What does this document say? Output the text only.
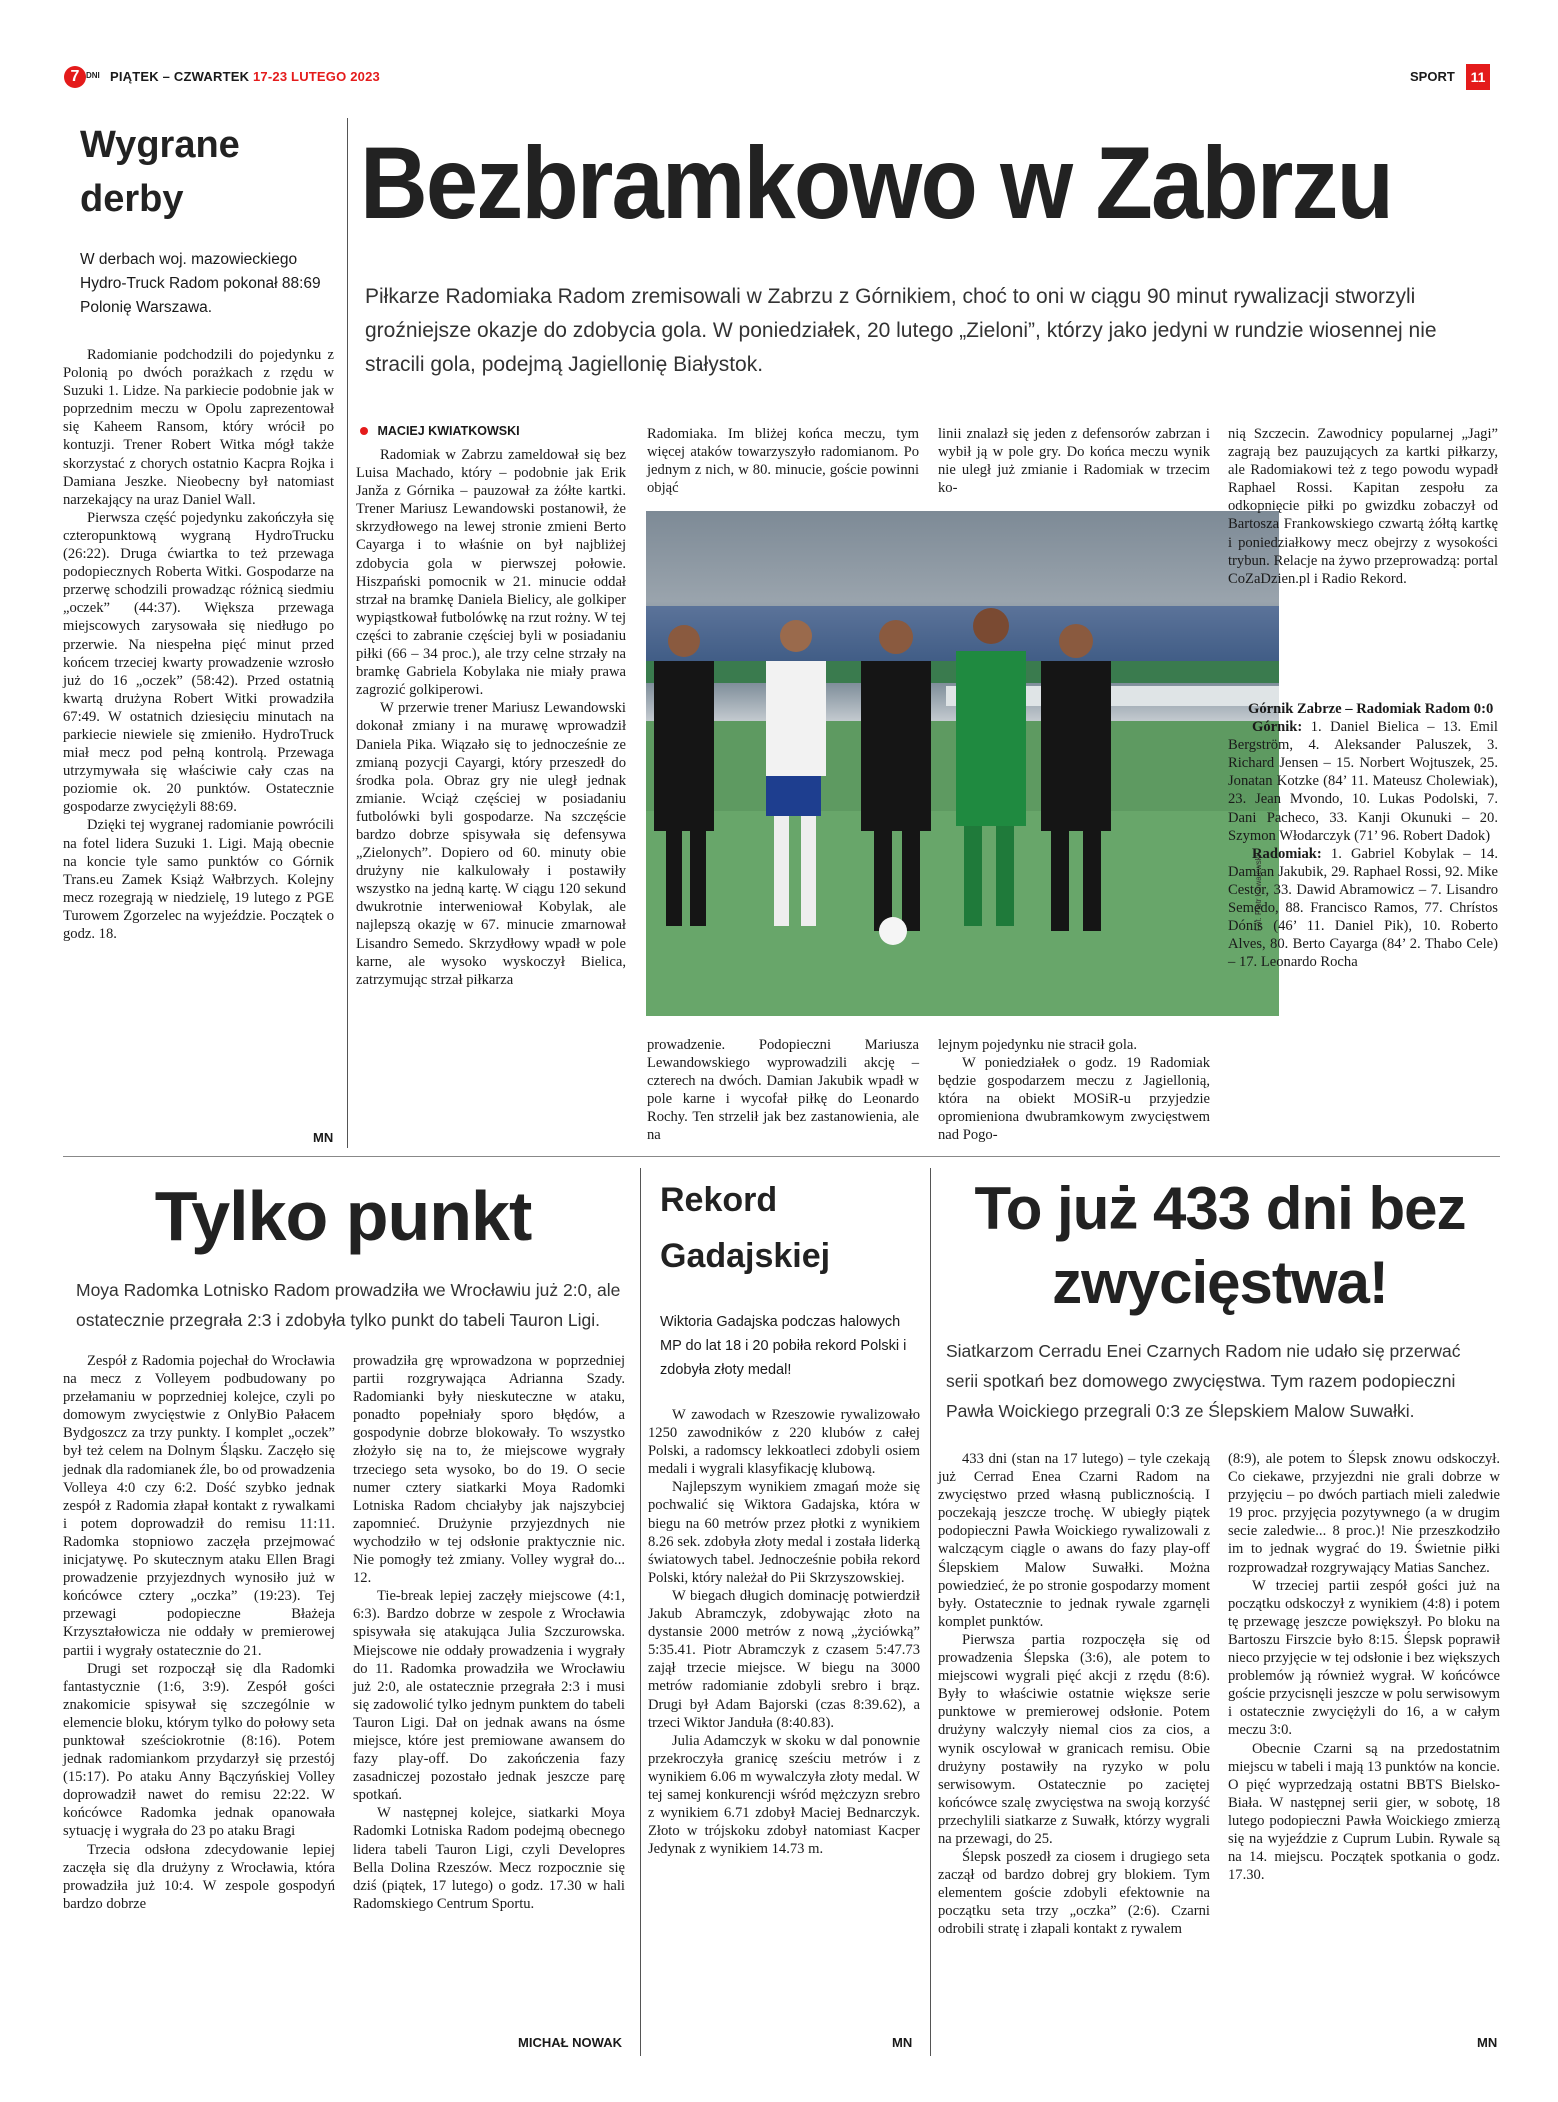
7 DNI PIĄTEK – CZWARTEK 17-23 LUTEGO 2023	SPORT	11
Wygrane derby
W derbach woj. mazowieckiego Hydro-Truck Radom pokonał 88:69 Polonię Warszawa.

Radomianie podchodzili do pojedynku z Polonią po dwóch porażkach z rzędu w Suzuki 1. Lidze. Na parkiecie podobnie jak w poprzednim meczu w Opolu zaprezentował się Kaheem Ransom, który wrócił po kontuzji. Trener Robert Witka mógł także skorzystać z chorych ostatnio Kacpra Rojka i Damiana Jeszke. Nieobecny był natomiast narzekający na uraz Daniel Wall.

Pierwsza część pojedynku zakończyła się czteropunktową wygraną HydroTrucku (26:22). Druga ćwiartka to też przewaga podopiecznych Roberta Witki. Gospodarze na przerwę schodzili prowadząc różnicą siedmiu „oczek” (44:37). Większa przewaga miejscowych zarysowała się niedługo po przerwie. Na niespełna pięć minut przed końcem trzeciej kwarty prowadzenie wzrosło już do 16 „oczek” (58:42). Przed ostatnią kwartą drużyna Robert Witki prowadziła 67:49. W ostatnich dziesięciu minutach na parkiecie niewiele się zmieniło. HydroTruck miał mecz pod pełną kontrolą. Przewaga utrzymywała się właściwie cały czas na poziomie ok. 20 punktów. Ostatecznie gospodarze zwyciężyli 88:69.

Dzięki tej wygranej radomianie powrócili na fotel lidera Suzuki 1. Ligi. Mają obecnie na koncie tyle samo punktów co Górnik Trans.eu Zamek Książ Wałbrzych. Kolejny mecz rozegrają w niedzielę, 19 lutego z PGE Turowem Zgorzelec na wyjeździe. Początek o godz. 18.

MN
Bezbramkowo w Zabrzu
Piłkarze Radomiaka Radom zremisowali w Zabrzu z Górnikiem, choć to oni w ciągu 90 minut rywalizacji stworzyli groźniejsze okazje do zdobycia gola. W poniedziałek, 20 lutego „Zieloni”, którzy jako jedyni w rundzie wiosennej nie stracili gola, podejmą Jagiellonię Białystok.
MACIEJ KWIATKOWSKI

Radomiak w Zabrzu zameldował się bez Luisa Machado, który – podobnie jak Erik Janža z Górnika – pauzował za żółte kartki. Trener Mariusz Lewandowski postanowił, że skrzydłowego na lewej stronie zmieni Berto Cayarga i to właśnie on był najbliżej zdobycia gola w pierwszej połowie. Hiszpański pomocnik w 21. minucie oddał strzał na bramkę Daniela Bielicy, ale golkiper wypiąstkował futbolówkę na rzut rożny. W tej części to zabranie częściej byli w posiadaniu piłki (66 – 34 proc.), ale trzy celne strzały na bramkę Gabriela Kobylaka nie miały prawa zagrozić golkiperowi.

W przerwie trener Mariusz Lewandowski dokonał zmiany i na murawę wprowadził Daniela Pika. Wiązało się to jednocześnie ze zmianą pozycji Cayargi, który przeszedł do środka pola. Obraz gry nie uległ jednak zmianie. Wciąż częściej w posiadaniu futbolówki byli gospodarze. Na szczęście bardzo dobrze spisywała się defensywa „Zielonych”. Dopiero od 60. minuty obie drużyny nie kalkulowały i postawiły wszystko na jedną kartę. W ciągu 120 sekund dwukrotnie interweniował Kobylak, ale najlepszą okazję w 67. minucie zmarnował Lisandro Semedo. Skrzydłowy wpadł w pole karne, ale wysoko wyskoczył Bielica, zatrzymując strzał piłkarza

Radomiaka. Im bliżej końca meczu, tym więcej ataków towarzyszyło radomianom. Po jednym z nich, w 80. minucie, goście powinni objąć

linii znalazł się jeden z defensorów zabrzan i wybił ją w pole gry. Do końca meczu wynik nie uległ już zmianie i Radomiak w trzecim ko-

Fot. Piotr Kowalewski

prowadzenie. Podopieczni Mariusza Lewandowskiego wyprowadzili akcję – czterech na dwóch. Damian Jakubik wpadł w pole karne i wycofał piłkę do Leonardo Rochy. Ten strzelił jak bez zastanowienia, ale na

lejnym pojedynku nie stracił gola.

W poniedziałek o godz. 19 Radomiak będzie gospodarzem meczu z Jagiellonią, która na obiekt MOSiR-u przyjedzie opromieniona dwubramkowym zwycięstwem nad Pogo-

nią Szczecin. Zawodnicy popularnej „Jagi” zagrają bez pauzujących za kartki piłkarzy, ale Radomiakowi też z tego powodu wypadł Raphael Rossi. Kapitan zespołu za odkopnięcie piłki po gwizdku zobaczył od Bartosza Frankowskiego czwartą żółtą kartkę i poniedziałkowy mecz obejrzy z wysokości trybun. Relacje na żywo przeprowadzą: portal CoZaDzien.pl i Radio Rekord.

Górnik Zabrze – Radomiak Radom 0:0

Górnik: 1. Daniel Bielica – 13. Emil Bergström, 4. Aleksander Paluszek, 3. Richard Jensen – 15. Norbert Wojtuszek, 25. Jonatan Kotzke (84’ 11. Mateusz Cholewiak), 23. Jean Mvondo, 10. Lukas Podolski, 7. Dani Pacheco, 33. Kanji Okunuki – 20. Szymon Włodarczyk (71’ 96. Robert Dadok)

Radomiak: 1. Gabriel Kobylak – 14. Damian Jakubik, 29. Raphael Rossi, 92. Mike Cestor, 33. Dawid Abramowicz – 7. Lisandro Semedo, 88. Francisco Ramos, 77. Chrístos Dónis (46’ 11. Daniel Pik), 10. Roberto Alves, 80. Berto Cayarga (84’ 2. Thabo Cele) – 17. Leonardo Rocha

Tylko punkt
Moya Radomka Lotnisko Radom prowadziła we Wrocławiu już 2:0, ale ostatecznie przegrała 2:3 i zdobyła tylko punkt do tabeli Tauron Ligi.

Zespół z Radomia pojechał do Wrocławia na mecz z Volleyem podbudowany po przełamaniu w poprzedniej kolejce, czyli po domowym zwycięstwie z OnlyBio Pałacem Bydgoszcz za trzy punkty. I komplet „oczek” był też celem na Dolnym Śląsku. Zaczęło się jednak dla radomianek źle, bo od prowadzenia Volleya 4:0 czy 6:2. Dość szybko jednak zespół z Radomia złapał kontakt z rywalkami i potem doprowadził do remisu 11:11. Radomka stopniowo zaczęła przejmować inicjatywę. Po skutecznym ataku Ellen Bragi prowadzenie przyjezdnych wynosiło już w końcówce cztery „oczka” (19:23). Tej przewagi podopieczne Błażeja Krzyształowicza nie oddały w premierowej partii i wygrały ostatecznie do 21.

Drugi set rozpoczął się dla Radomki fantastycznie (1:6, 3:9). Zespół gości znakomicie spisywał się szczególnie w elemencie bloku, którym tylko do połowy seta punktował sześciokrotnie (8:16). Potem jednak radomiankom przydarzył się przestój (15:17). Po ataku Anny Bączyńskiej Volley doprowadził nawet do remisu 22:22. W końcówce Radomka jednak opanowała sytuację i wygrała do 23 po ataku Bragi

Trzecia odsłona zdecydowanie lepiej zaczęła się dla drużyny z Wrocławia, która prowadziła już 10:4. W zespole gospodyń bardzo dobrze

prowadziła grę wprowadzona w poprzedniej partii rozgrywająca Adrianna Szady. Radomianki były nieskuteczne w ataku, ponadto popełniały sporo błędów, a gospodynie dobrze blokowały. To wszystko złożyło się na to, że miejscowe wygrały trzeciego seta wysoko, bo do 19. O secie numer cztery siatkarki Moya Radomki Lotniska Radom chciałyby jak najszybciej zapomnieć. Drużynie przyjezdnych nie wychodziło w tej odsłonie praktycznie nic. Nie pomogły też zmiany. Volley wygrał do... 12.

Tie-break lepiej zaczęły miejscowe (4:1, 6:3). Bardzo dobrze w zespole z Wrocławia spisywała się atakująca Julia Szczurowska. Miejscowe nie oddały prowadzenia i wygrały do 11. Radomka prowadziła we Wrocławiu już 2:0, ale ostatecznie przegrała 2:3 i musi się zadowolić tylko jednym punktem do tabeli Tauron Ligi. Dał on jednak awans na ósme miejsce, które jest premiowane awansem do fazy play-off. Do zakończenia fazy zasadniczej pozostało jednak jeszcze parę spotkań.

W następnej kolejce, siatkarki Moya Radomki Lotniska Radom podejmą obecnego lidera tabeli Tauron Ligi, czyli Developres Bella Dolina Rzeszów. Mecz rozpocznie się dziś (piątek, 17 lutego) o godz. 17.30 w hali Radomskiego Centrum Sportu.

MICHAŁ NOWAK
Rekord Gadajskiej
Wiktoria Gadajska podczas halowych MP do lat 18 i 20 pobiła rekord Polski i zdobyła złoty medal!

W zawodach w Rzeszowie rywalizowało 1250 zawodników z 220 klubów z całej Polski, a radomscy lekkoatleci zdobyli osiem medali i wygrali klasyfikację klubową.

Najlepszym wynikiem zmagań może się pochwalić się Wiktora Gadajska, która w biegu na 60 metrów przez płotki z wynikiem 8.26 sek. zdobyła złoty medal i została liderką światowych tabel. Jednocześnie pobiła rekord Polski, który należał do Pii Skrzyszowskiej.

W biegach długich dominację potwierdził Jakub Abramczyk, zdobywając złoto na dystansie 2000 metrów z nową „życiówką” 5:35.41. Piotr Abramczyk z czasem 5:47.73 zajął trzecie miejsce. W biegu na 3000 metrów radomianie zdobyli srebro i brąz. Drugi był Adam Bajorski (czas 8:39.62), a trzeci Wiktor Janduła (8:40.83).

Julia Adamczyk w skoku w dal ponownie przekroczyła granicę sześciu metrów i z wynikiem 6.06 m wywalczyła złoty medal. W tej samej konkurencji wśród mężczyzn srebro z wynikiem 6.71 zdobył Maciej Bednarczyk. Złoto w trójskoku zdobył natomiast Kacper Jedynak z wynikiem 14.73 m.

MN
To już 433 dni bez zwycięstwa!
Siatkarzom Cerradu Enei Czarnych Radom nie udało się przerwać serii spotkań bez domowego zwycięstwa. Tym razem podopieczni Pawła Woickiego przegrali 0:3 ze Ślepskiem Malow Suwałki.

433 dni (stan na 17 lutego) – tyle czekają już Cerrad Enea Czarni Radom na zwycięstwo przed własną publicznością. I poczekają jeszcze trochę. W ubiegły piątek podopieczni Pawła Woickiego rywalizowali z walczącym ciągle o awans do fazy play-off Ślepskiem Malow Suwałki. Można powiedzieć, że po stronie gospodarzy moment były. Ostatecznie to jednak rywale zgarnęli komplet punktów.

Pierwsza partia rozpoczęła się od prowadzenia Ślepska (3:6), ale potem to miejscowi wygrali pięć akcji z rzędu (8:6). Były to właściwie ostatnie większe serie punktowe w premierowej odsłonie. Potem drużyny walczyły niemal cios za cios, a wynik oscylował w granicach remisu. Obie drużyny postawiły na ryzyko w polu serwisowym. Ostatecznie po zaciętej końcówce szalę zwycięstwa na swoją korzyść przechylili siatkarze z Suwałk, którzy wygrali na przewagi, do 25.

Ślepsk poszedł za ciosem i drugiego seta zaczął od bardzo dobrej gry blokiem. Tym elementem goście zdobyli efektownie na początku seta trzy „oczka” (2:6). Czarni odrobili stratę i złapali kontakt z rywalem

(8:9), ale potem to Ślepsk znowu odskoczył. Co ciekawe, przyjezdni nie grali dobrze w przyjęciu – po dwóch partiach mieli zaledwie 19 proc. przyjęcia pozytywnego (a w drugim secie zaledwie... 8 proc.)! Nie przeszkodziło im to jednak wygrać do 19. Świetnie piłki rozprowadzał rozgrywający Matias Sanchez.

W trzeciej partii zespół gości już na początku odskoczył z wynikiem (4:8) i potem tę przewagę jeszcze powiększył. Po bloku na Bartoszu Firszcie było 8:15. Ślepsk poprawił nieco przyjęcie w tej odsłonie i bez większych problemów ją również wygrał. W końcówce goście przycisnęli jeszcze w polu serwisowym i ostatecznie zwyciężyli do 16, a w całym meczu 3:0.

Obecnie Czarni są na przedostatnim miejscu w tabeli i mają 13 punktów na koncie. O pięć wyprzedzają ostatni BBTS Bielsko-Biała. W następnej serii gier, w sobotę, 18 lutego podopieczni Pawła Woickiego zmierzą się na wyjeździe z Cuprum Lubin. Rywale są na 14. miejscu. Początek spotkania o godz. 17.30.

MN
